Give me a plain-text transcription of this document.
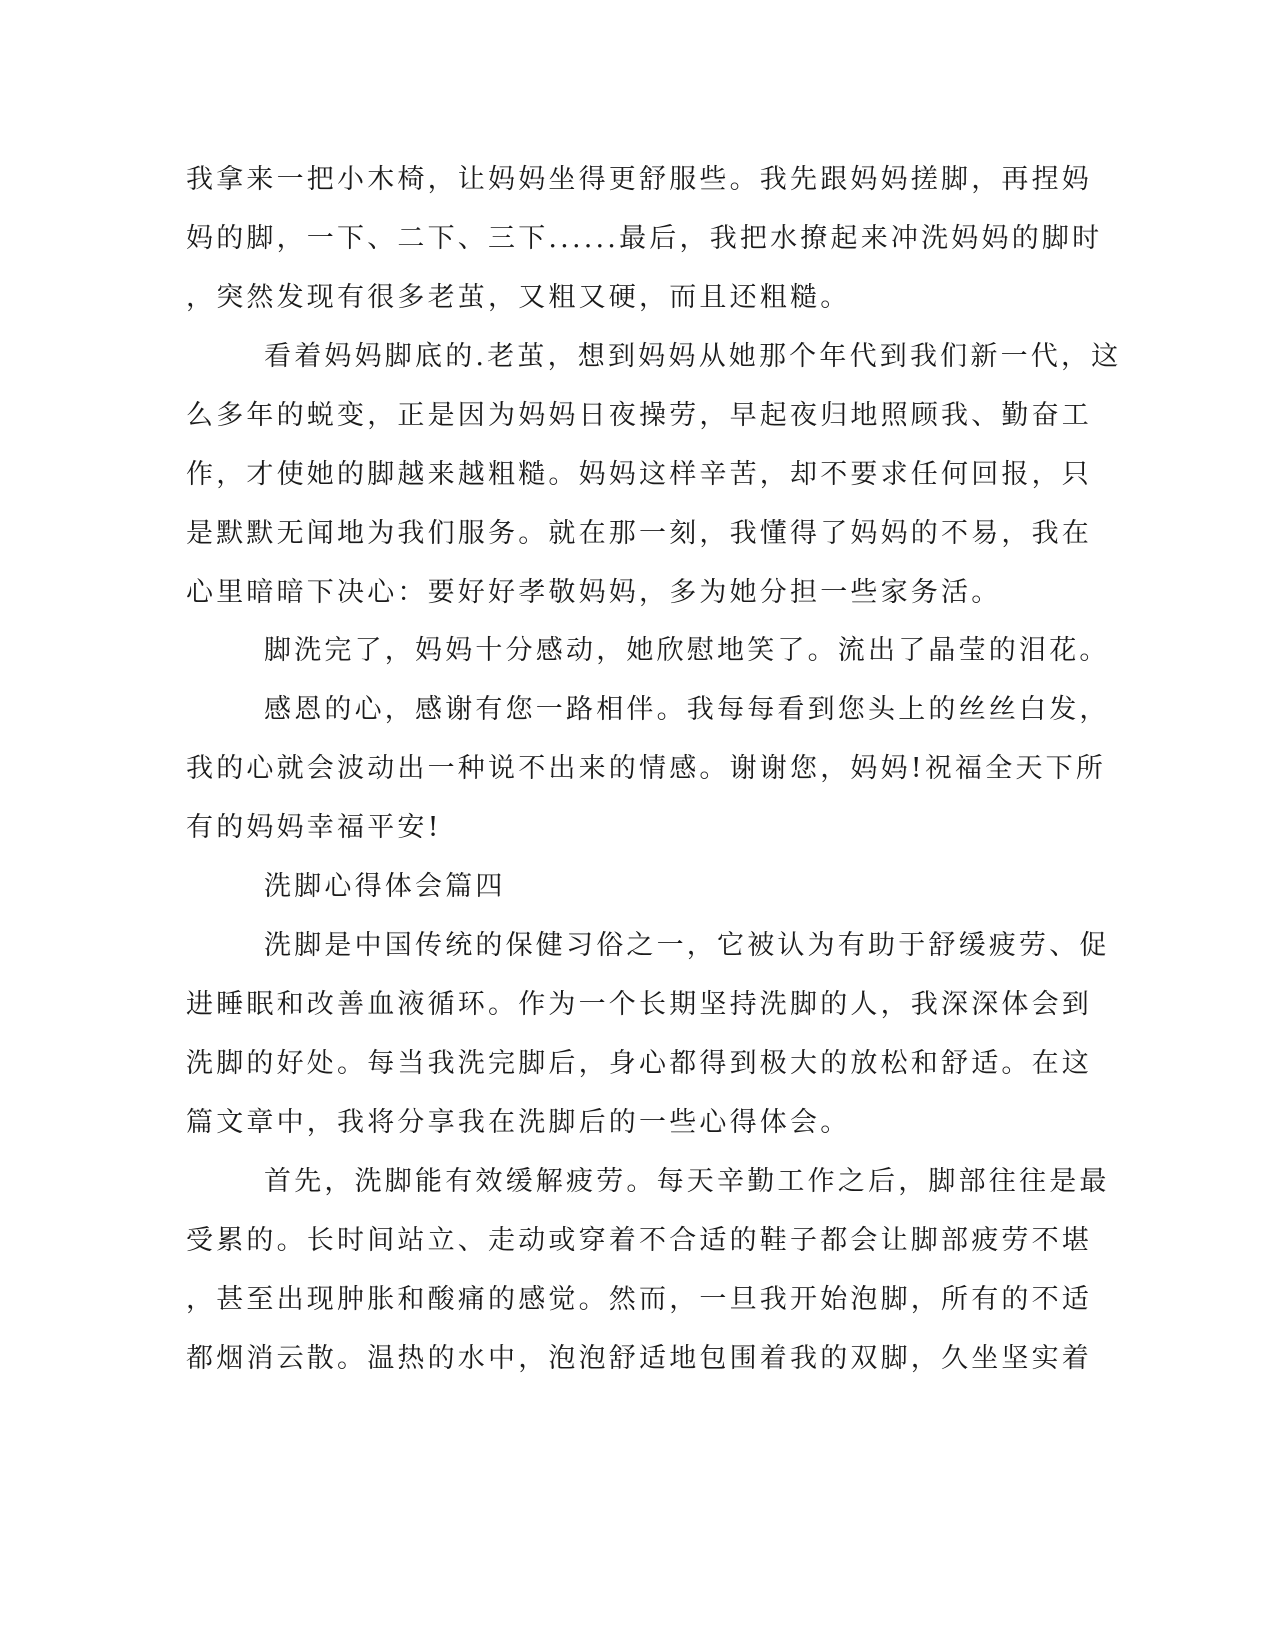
我拿来一把小木椅，让妈妈坐得更舒服些。我先跟妈妈搓脚，再捏妈
妈的脚，一下、二下、三下......最后，我把水撩起来冲洗妈妈的脚时
，突然发现有很多老茧，又粗又硬，而且还粗糙。
看着妈妈脚底的.老茧，想到妈妈从她那个年代到我们新一代，这
么多年的蜕变，正是因为妈妈日夜操劳，早起夜归地照顾我、勤奋工
作，才使她的脚越来越粗糙。妈妈这样辛苦，却不要求任何回报，只
是默默无闻地为我们服务。就在那一刻，我懂得了妈妈的不易，我在
心里暗暗下决心：要好好孝敬妈妈，多为她分担一些家务活。
脚洗完了，妈妈十分感动，她欣慰地笑了。流出了晶莹的泪花。
感恩的心，感谢有您一路相伴。我每每看到您头上的丝丝白发，
我的心就会波动出一种说不出来的情感。谢谢您，妈妈!祝福全天下所
有的妈妈幸福平安!
洗脚心得体会篇四
洗脚是中国传统的保健习俗之一，它被认为有助于舒缓疲劳、促
进睡眠和改善血液循环。作为一个长期坚持洗脚的人，我深深体会到
洗脚的好处。每当我洗完脚后，身心都得到极大的放松和舒适。在这
篇文章中，我将分享我在洗脚后的一些心得体会。
首先，洗脚能有效缓解疲劳。每天辛勤工作之后，脚部往往是最
受累的。长时间站立、走动或穿着不合适的鞋子都会让脚部疲劳不堪
，甚至出现肿胀和酸痛的感觉。然而，一旦我开始泡脚，所有的不适
都烟消云散。温热的水中，泡泡舒适地包围着我的双脚，久坐坚实着
